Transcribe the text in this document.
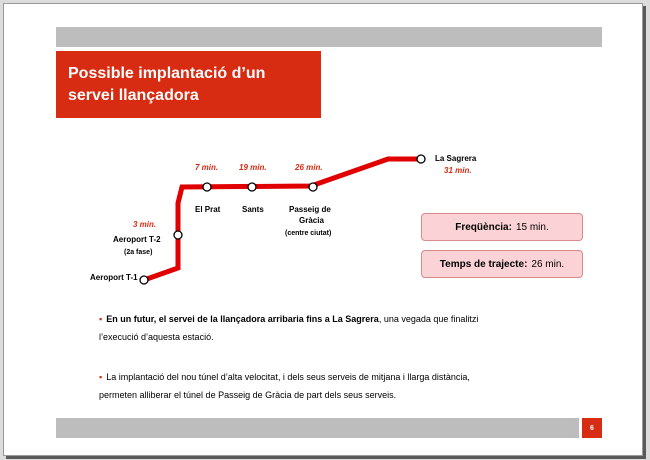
Possible implantació d’un
servei llançadora
3 min.
7 min.	19 min.	26 min.	31 min.
Aeroport T-1
Aeroport T-2
(2a fase)
El Prat	Sants	Passeig de
Gràcia
(centre ciutat)
La Sagrera
Freqüència: 15 min.
Temps de trajecte: 26 min.
▪ En un futur, el servei de la llançadora arribaria fins a La Sagrera, una vegada que finalitzi
l’execució d’aquesta estació.
▪ La implantació del nou túnel d’alta velocitat, i dels seus serveis de mitjana i llarga distància,
permeten alliberar el túnel de Passeig de Gràcia de part dels seus serveis.
6
